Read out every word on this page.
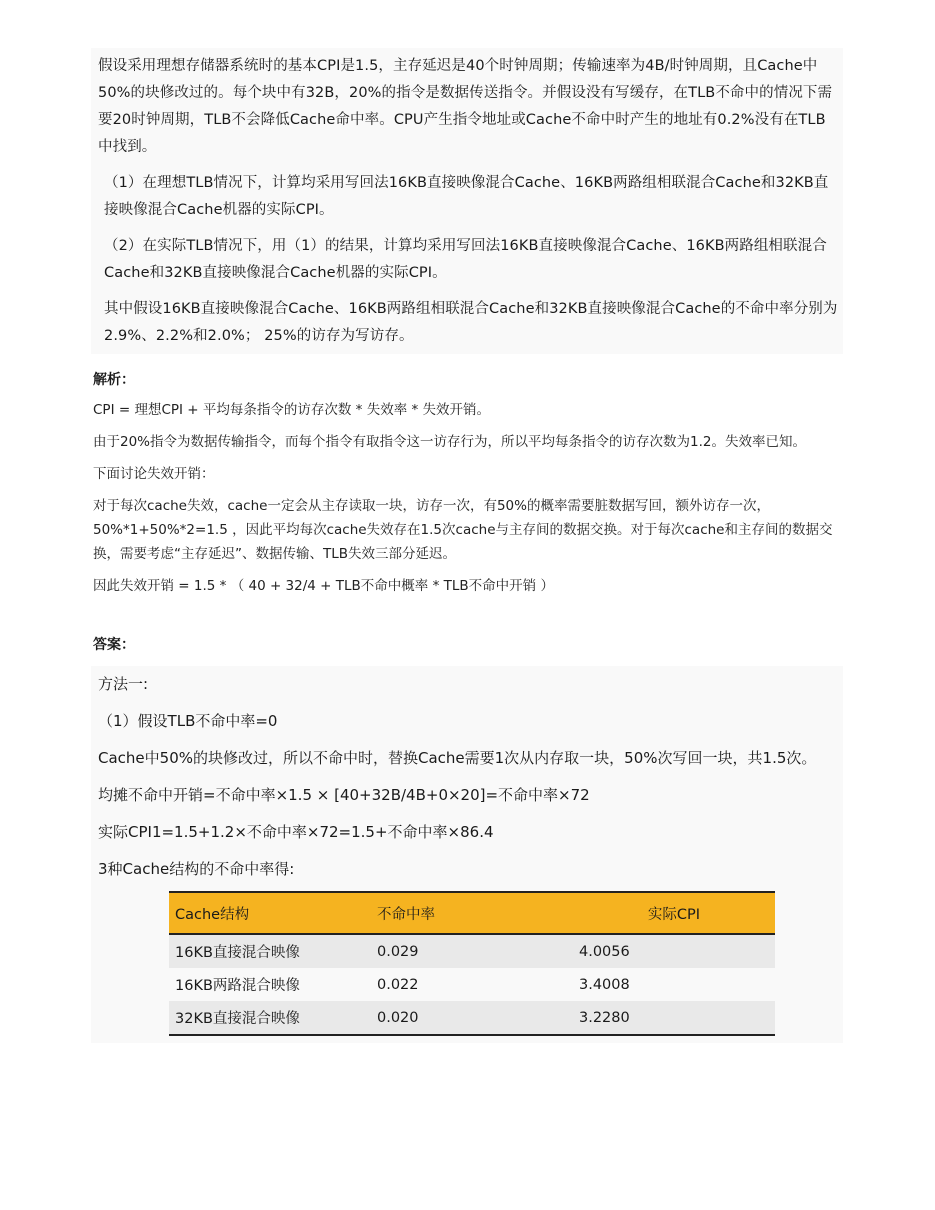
假设采用理想存储器系统时的基本CPI是1.5，主存延迟是40个时钟周期；传输速率为4B/时钟周期，且Cache中50%的块修改过的。每个块中有32B，20%的指令是数据传送指令。并假设没有写缓存，在TLB不命中的情况下需要20时钟周期，TLB不会降低Cache命中率。CPU产生指令地址或Cache不命中时产生的地址有0.2%没有在TLB中找到。

（1）在理想TLB情况下，计算均采用写回法16KB直接映像混合Cache、16KB两路组相联混合Cache和32KB直接映像混合Cache机器的实际CPI。

（2）在实际TLB情况下，用（1）的结果，计算均采用写回法16KB直接映像混合Cache、16KB两路组相联混合Cache和32KB直接映像混合Cache机器的实际CPI。

其中假设16KB直接映像混合Cache、16KB两路组相联混合Cache和32KB直接映像混合Cache的不命中率分别为2.9%、2.2%和2.0%； 25%的访存为写访存。

解析：

CPI = 理想CPI + 平均每条指令的访存次数 * 失效率 * 失效开销。

由于20%指令为数据传输指令，而每个指令有取指令这一访存行为，所以平均每条指令的访存次数为1.2。失效率已知。

下面讨论失效开销：

对于每次cache失效，cache一定会从主存读取一块，访存一次，有50%的概率需要脏数据写回，额外访存一次，50%*1+50%*2=1.5 ，因此平均每次cache失效存在1.5次cache与主存间的数据交换。对于每次cache和主存间的数据交换，需要考虑“主存延迟”、数据传输、TLB失效三部分延迟。

因此失效开销 = 1.5 * （ 40 + 32/4 + TLB不命中概率 * TLB不命中开销 ）

答案：

方法一:

（1）假设TLB不命中率=0

Cache中50%的块修改过，所以不命中时，替换Cache需要1次从内存取一块，50%次写回一块，共1.5次。

均摊不命中开销=不命中率×1.5 × [40+32B/4B+0×20]=不命中率×72

实际CPI1=1.5+1.2×不命中率×72=1.5+不命中率×86.4

3种Cache结构的不命中率得:

Cache结构	不命中率	实际CPI
16KB直接混合映像	0.029	4.0056
16KB两路混合映像	0.022	3.4008
32KB直接混合映像	0.020	3.2280
